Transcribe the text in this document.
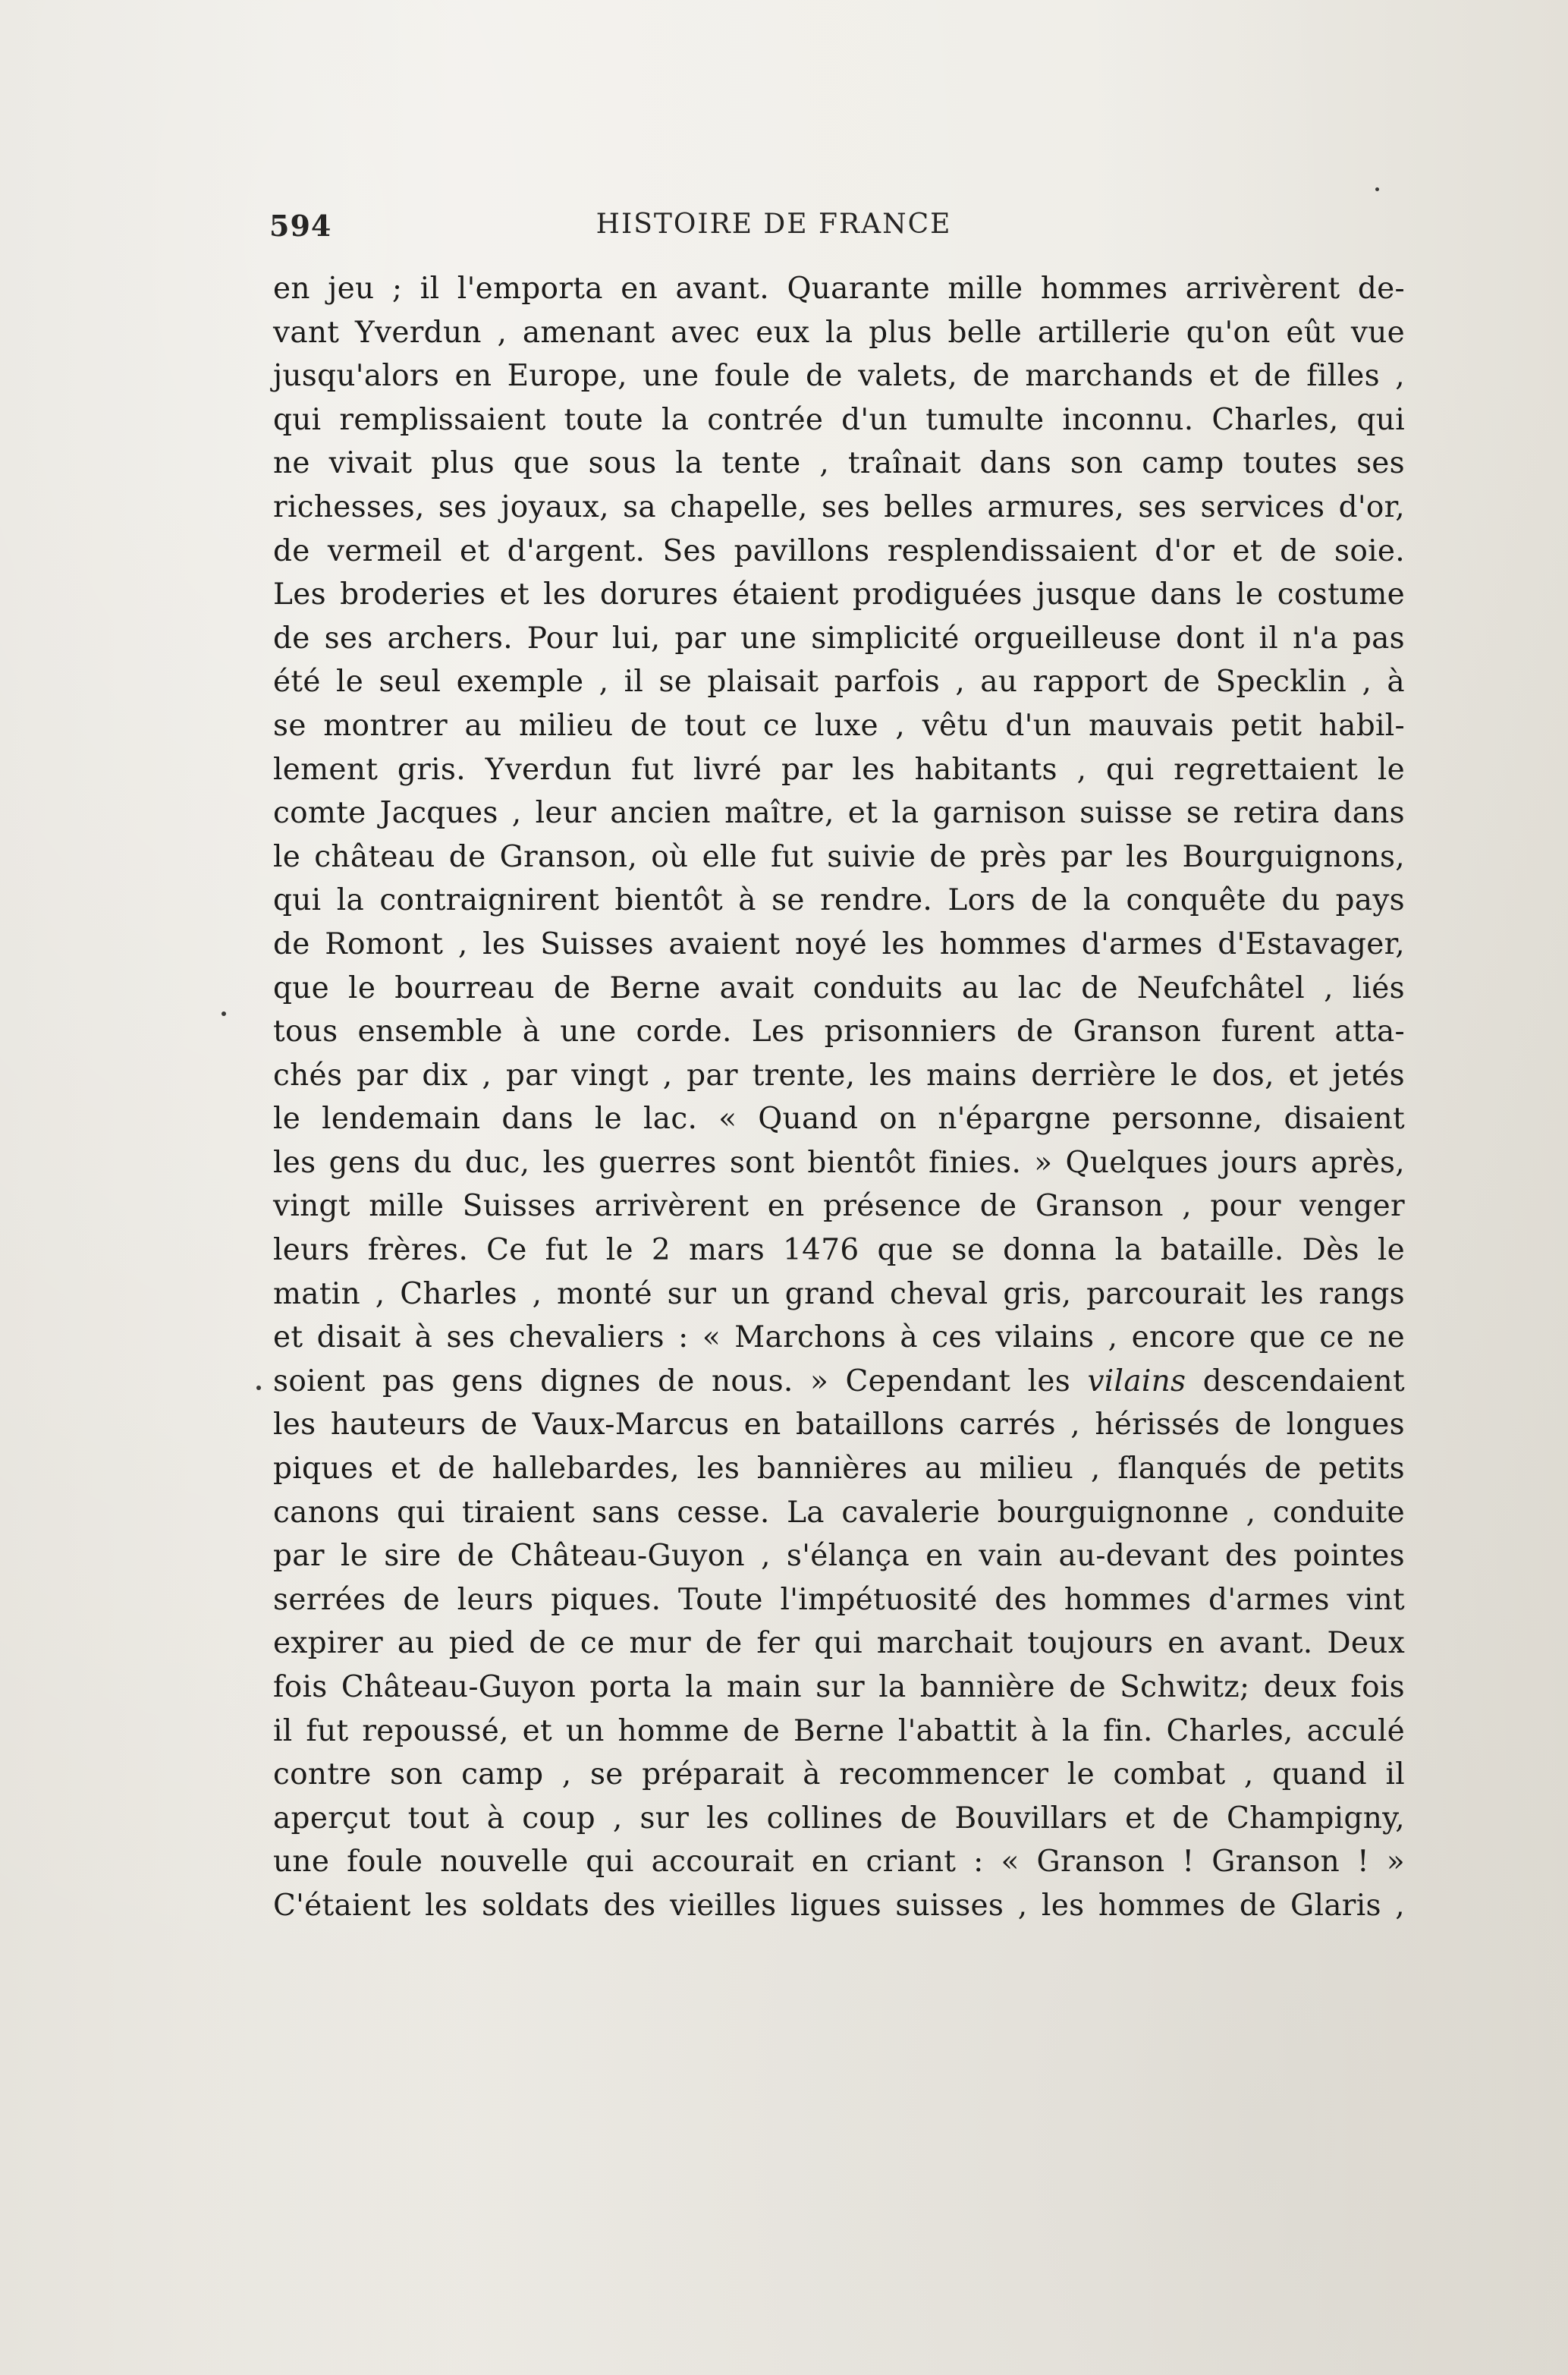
594	HISTOIRE DE FRANCE
en jeu ; il l'emporta en avant. Quarante mille hommes arrivèrent de-
vant Yverdun , amenant avec eux la plus belle artillerie qu'on eût vue
jusqu'alors en Europe, une foule de valets, de marchands et de filles ,
qui remplissaient toute la contrée d'un tumulte inconnu. Charles, qui
ne vivait plus que sous la tente , traînait dans son camp toutes ses
richesses, ses joyaux, sa chapelle, ses belles armures, ses services d'or,
de vermeil et d'argent. Ses pavillons resplendissaient d'or et de soie.
Les broderies et les dorures étaient prodiguées jusque dans le costume
de ses archers. Pour lui, par une simplicité orgueilleuse dont il n'a pas
été le seul exemple , il se plaisait parfois , au rapport de Specklin , à
se montrer au milieu de tout ce luxe , vêtu d'un mauvais petit habil-
lement gris. Yverdun fut livré par les habitants , qui regrettaient le
comte Jacques , leur ancien maître, et la garnison suisse se retira dans
le château de Granson, où elle fut suivie de près par les Bourguignons,
qui la contraignirent bientôt à se rendre. Lors de la conquête du pays
de Romont , les Suisses avaient noyé les hommes d'armes d'Estavager,
que le bourreau de Berne avait conduits au lac de Neufchâtel , liés
tous ensemble à une corde. Les prisonniers de Granson furent atta-
chés par dix , par vingt , par trente, les mains derrière le dos, et jetés
le lendemain dans le lac. « Quand on n'épargne personne, disaient
les gens du duc, les guerres sont bientôt finies. » Quelques jours après,
vingt mille Suisses arrivèrent en présence de Granson , pour venger
leurs frères. Ce fut le 2 mars 1476 que se donna la bataille. Dès le
matin , Charles , monté sur un grand cheval gris, parcourait les rangs
et disait à ses chevaliers : « Marchons à ces vilains , encore que ce ne
soient pas gens dignes de nous. » Cependant les vilains descendaient
les hauteurs de Vaux-Marcus en bataillons carrés , hérissés de longues
piques et de hallebardes, les bannières au milieu , flanqués de petits
canons qui tiraient sans cesse. La cavalerie bourguignonne , conduite
par le sire de Château-Guyon , s'élança en vain au-devant des pointes
serrées de leurs piques. Toute l'impétuosité des hommes d'armes vint
expirer au pied de ce mur de fer qui marchait toujours en avant. Deux
fois Château-Guyon porta la main sur la bannière de Schwitz; deux fois
il fut repoussé, et un homme de Berne l'abattit à la fin. Charles, acculé
contre son camp , se préparait à recommencer le combat , quand il
aperçut tout à coup , sur les collines de Bouvillars et de Champigny,
une foule nouvelle qui accourait en criant : « Granson ! Granson ! »
C'étaient les soldats des vieilles ligues suisses , les hommes de Glaris ,
